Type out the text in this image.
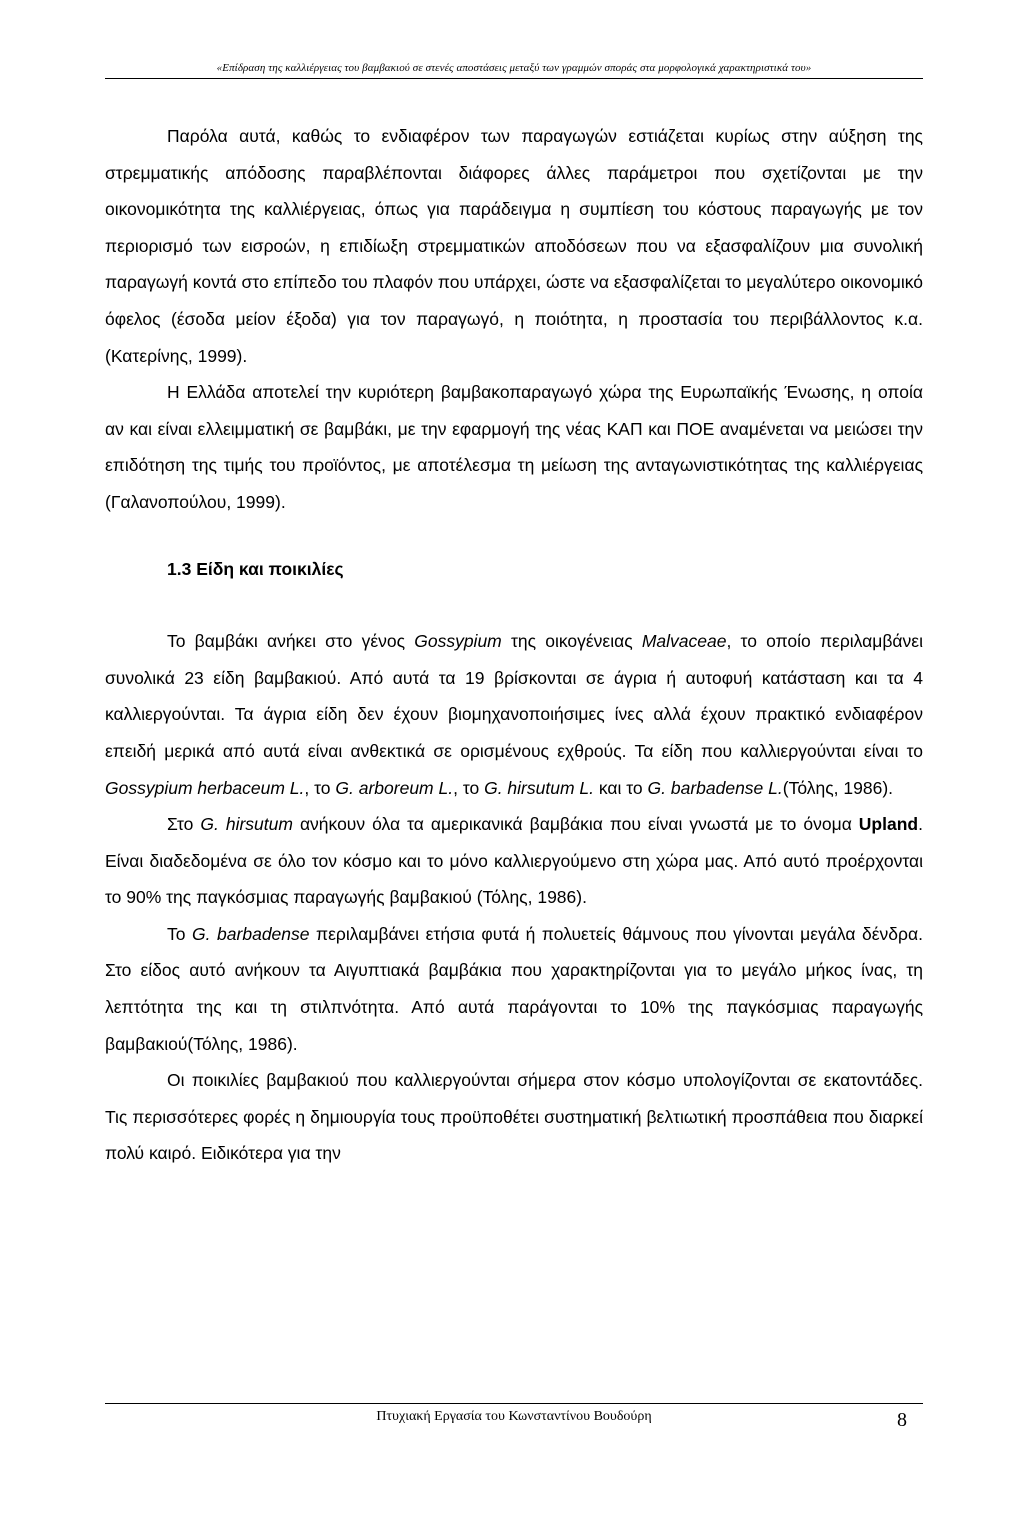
«Επίδραση της καλλιέργειας του βαμβακιού σε στενές αποστάσεις μεταξύ των γραμμών σποράς στα μορφολογικά χαρακτηριστικά του»

Παρόλα αυτά, καθώς το ενδιαφέρον των παραγωγών εστιάζεται κυρίως στην αύξηση της στρεμματικής απόδοσης παραβλέπονται διάφορες άλλες παράμετροι που σχετίζονται με την οικονομικότητα της καλλιέργειας, όπως για παράδειγμα η συμπίεση του κόστους παραγωγής με τον περιορισμό των εισροών, η επιδίωξη στρεμματικών αποδόσεων που να εξασφαλίζουν μια συνολική παραγωγή κοντά στο επίπεδο του πλαφόν που υπάρχει, ώστε να εξασφαλίζεται το μεγαλύτερο οικονομικό όφελος (έσοδα μείον έξοδα) για τον παραγωγό, η ποιότητα, η προστασία του περιβάλλοντος κ.α. (Κατερίνης, 1999).

Η Ελλάδα αποτελεί την κυριότερη βαμβακοπαραγωγό χώρα της Ευρωπαϊκής Ένωσης, η οποία αν και είναι ελλειμματική σε βαμβάκι, με την εφαρμογή της νέας ΚΑΠ και ΠΟΕ αναμένεται να μειώσει την επιδότηση της τιμής του προϊόντος, με αποτέλεσμα τη μείωση της ανταγωνιστικότητας της καλλιέργειας (Γαλανοπούλου, 1999).

1.3 Είδη και ποικιλίες

Το βαμβάκι ανήκει στο γένος Gossypium της οικογένειας Malvaceae, το οποίο περιλαμβάνει συνολικά 23 είδη βαμβακιού. Από αυτά τα 19 βρίσκονται σε άγρια ή αυτοφυή κατάσταση και τα 4 καλλιεργούνται. Τα άγρια είδη δεν έχουν βιομηχανοποιήσιμες ίνες αλλά έχουν πρακτικό ενδιαφέρον επειδή μερικά από αυτά είναι ανθεκτικά σε ορισμένους εχθρούς. Τα είδη που καλλιεργούνται είναι το Gossypium herbaceum L., το G. arboreum L., το G. hirsutum L. και το G. barbadense L.(Τόλης, 1986).

Στο G. hirsutum ανήκουν όλα τα αμερικανικά βαμβάκια που είναι γνωστά με το όνομα Upland. Είναι διαδεδομένα σε όλο τον κόσμο και το μόνο καλλιεργούμενο στη χώρα μας. Από αυτό προέρχονται το 90% της παγκόσμιας παραγωγής βαμβακιού (Τόλης, 1986).

Το G. barbadense περιλαμβάνει ετήσια φυτά ή πολυετείς θάμνους που γίνονται μεγάλα δένδρα. Στο είδος αυτό ανήκουν τα Αιγυπτιακά βαμβάκια που χαρακτηρίζονται για το μεγάλο μήκος ίνας, τη λεπτότητα της και τη στιλπνότητα. Από αυτά παράγονται το 10% της παγκόσμιας παραγωγής βαμβακιού(Τόλης, 1986).

Οι ποικιλίες βαμβακιού που καλλιεργούνται σήμερα στον κόσμο υπολογίζονται σε εκατοντάδες. Τις περισσότερες φορές η δημιουργία τους προϋποθέτει συστηματική βελτιωτική προσπάθεια που διαρκεί πολύ καιρό. Ειδικότερα για την

Πτυχιακή Εργασία του Κωνσταντίνου Βουδούρη	8
